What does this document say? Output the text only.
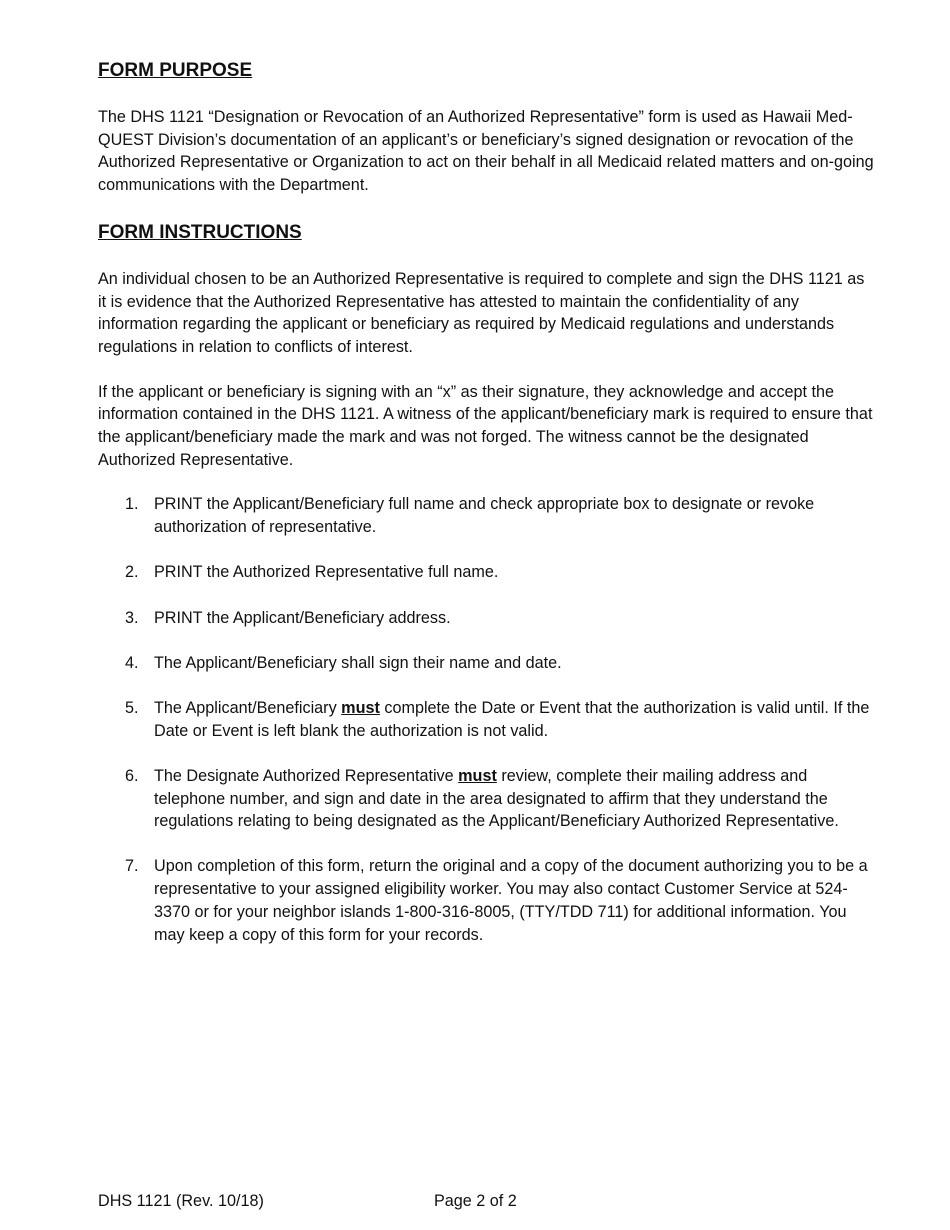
FORM PURPOSE

The DHS 1121 “Designation or Revocation of an Authorized Representative” form is used as Hawaii Med-QUEST Division’s documentation of an applicant’s or beneficiary’s signed designation or revocation of the Authorized Representative or Organization to act on their behalf in all Medicaid related matters and on-going communications with the Department.

FORM INSTRUCTIONS

An individual chosen to be an Authorized Representative is required to complete and sign the DHS 1121 as it is evidence that the Authorized Representative has attested to maintain the confidentiality of any information regarding the applicant or beneficiary as required by Medicaid regulations and understands regulations in relation to conflicts of interest.

If the applicant or beneficiary is signing with an “x” as their signature, they acknowledge and accept the information contained in the DHS 1121. A witness of the applicant/beneficiary mark is required to ensure that the applicant/beneficiary made the mark and was not forged. The witness cannot be the designated Authorized Representative.

1. PRINT the Applicant/Beneficiary full name and check appropriate box to designate or revoke authorization of representative.
2. PRINT the Authorized Representative full name.
3. PRINT the Applicant/Beneficiary address.
4. The Applicant/Beneficiary shall sign their name and date.
5. The Applicant/Beneficiary must complete the Date or Event that the authorization is valid until. If the Date or Event is left blank the authorization is not valid.
6. The Designate Authorized Representative must review, complete their mailing address and telephone number, and sign and date in the area designated to affirm that they understand the regulations relating to being designated as the Applicant/Beneficiary Authorized Representative.
7. Upon completion of this form, return the original and a copy of the document authorizing you to be a representative to your assigned eligibility worker. You may also contact Customer Service at 524-3370 or for your neighbor islands 1-800-316-8005, (TTY/TDD 711) for additional information. You may keep a copy of this form for your records.
DHS 1121 (Rev. 10/18)	Page 2 of 2
